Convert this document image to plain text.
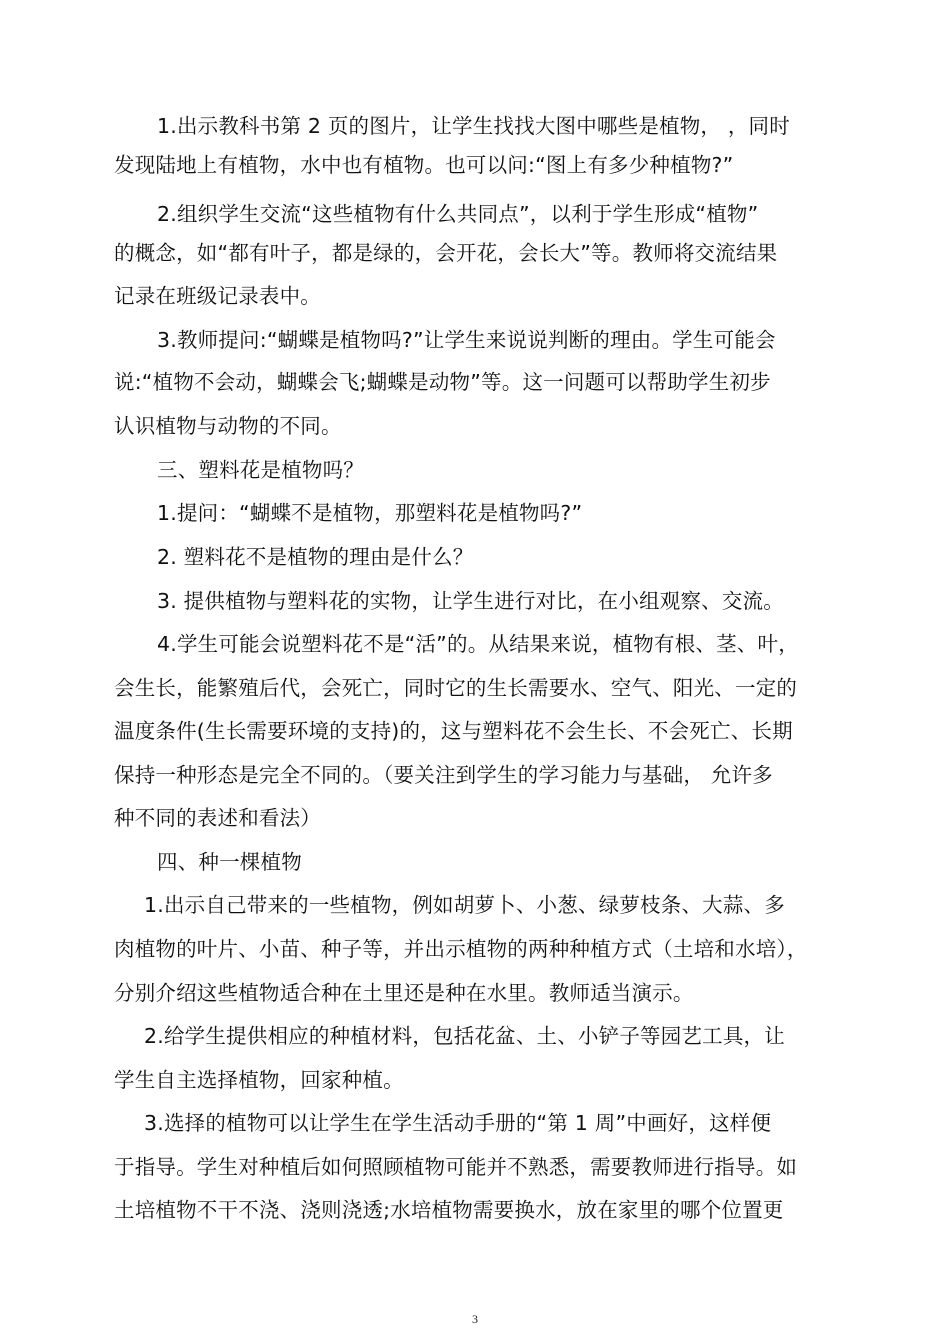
1.出示教科书第 2 页的图片，让学生找找大图中哪些是植物， ，同时
发现陆地上有植物，水中也有植物。也可以问:“图上有多少种植物?”
2.组织学生交流“这些植物有什么共同点”，以利于学生形成“植物”
的概念，如“都有叶子，都是绿的，会开花，会长大”等。教师将交流结果
记录在班级记录表中。
3.教师提问:“蝴蝶是植物吗?”让学生来说说判断的理由。学生可能会
说:“植物不会动，蝴蝶会飞;蝴蝶是动物”等。这一问题可以帮助学生初步
认识植物与动物的不同。
三、塑料花是植物吗？
1.提问：“蝴蝶不是植物，那塑料花是植物吗?”
2. 塑料花不是植物的理由是什么？
3. 提供植物与塑料花的实物，让学生进行对比，在小组观察、交流。
4.学生可能会说塑料花不是“活”的。从结果来说，植物有根、茎、叶，
会生长，能繁殖后代，会死亡，同时它的生长需要水、空气、阳光、一定的
温度条件(生长需要环境的支持)的，这与塑料花不会生长、不会死亡、长期
保持一种形态是完全不同的。（要关注到学生的学习能力与基础， 允许多
种不同的表述和看法）
四、种一棵植物
1.出示自己带来的一些植物，例如胡萝卜、小葱、绿萝枝条、大蒜、多
肉植物的叶片、小苗、种子等，并出示植物的两种种植方式（土培和水培），
分别介绍这些植物适合种在土里还是种在水里。教师适当演示。
2.给学生提供相应的种植材料，包括花盆、土、小铲子等园艺工具，让
学生自主选择植物，回家种植。
3.选择的植物可以让学生在学生活动手册的“第 1 周”中画好，这样便
于指导。学生对种植后如何照顾植物可能并不熟悉，需要教师进行指导。如
土培植物不干不浇、浇则浇透;水培植物需要换水，放在家里的哪个位置更
3
